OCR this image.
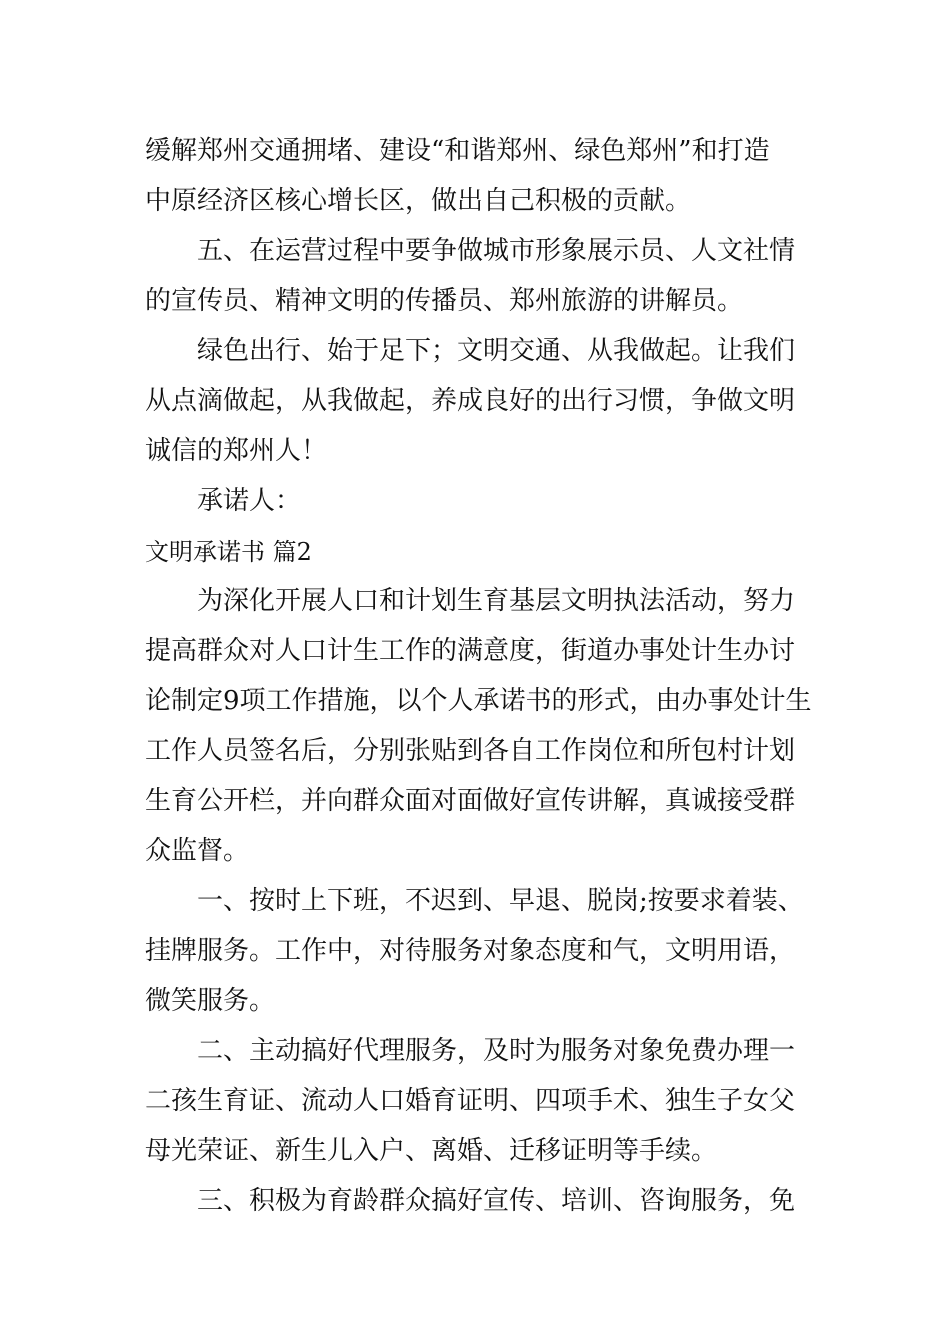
缓解郑州交通拥堵、建设“和谐郑州、绿色郑州”和打造
中原经济区核心增长区，做出自己积极的贡献。
五、在运营过程中要争做城市形象展示员、人文社情
的宣传员、精神文明的传播员、郑州旅游的讲解员。
绿色出行、始于足下；文明交通、从我做起。让我们
从点滴做起，从我做起，养成良好的出行习惯，争做文明
诚信的郑州人！
承诺人：
文明承诺书 篇2
为深化开展人口和计划生育基层文明执法活动，努力
提高群众对人口计生工作的满意度，街道办事处计生办讨
论制定9项工作措施，以个人承诺书的形式，由办事处计生
工作人员签名后，分别张贴到各自工作岗位和所包村计划
生育公开栏，并向群众面对面做好宣传讲解，真诚接受群
众监督。
一、按时上下班，不迟到、早退、脱岗;按要求着装、
挂牌服务。工作中，对待服务对象态度和气，文明用语，
微笑服务。
二、主动搞好代理服务，及时为服务对象免费办理一
二孩生育证、流动人口婚育证明、四项手术、独生子女父
母光荣证、新生儿入户、离婚、迁移证明等手续。
三、积极为育龄群众搞好宣传、培训、咨询服务，免
